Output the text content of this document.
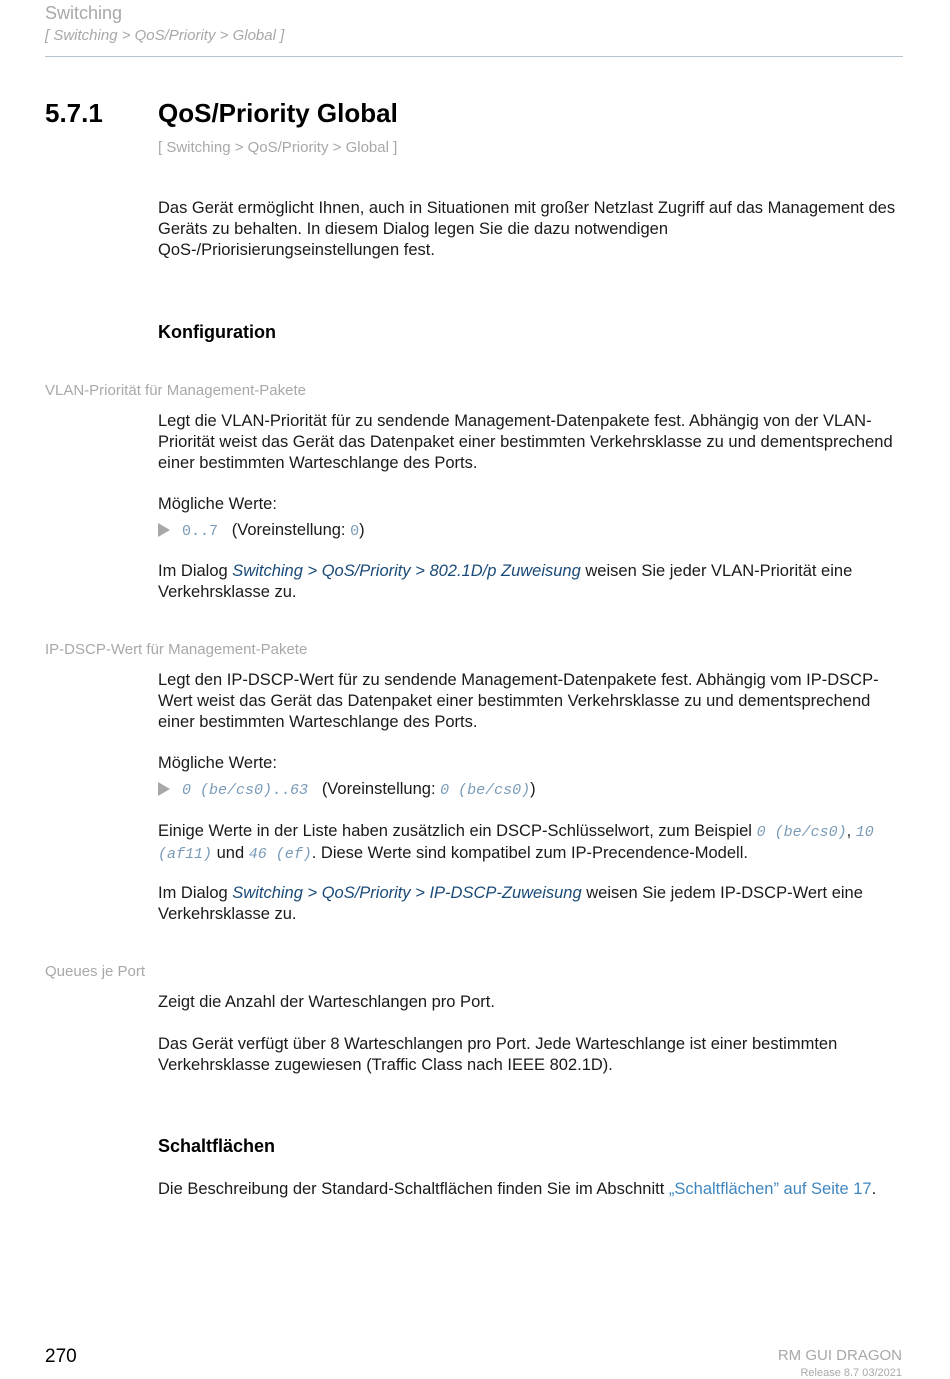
Switching
[ Switching > QoS/Priority > Global ]
5.7.1 QoS/Priority Global
[ Switching > QoS/Priority > Global ]

Das Gerät ermöglicht Ihnen, auch in Situationen mit großer Netzlast Zugriff auf das Management des Geräts zu behalten. In diesem Dialog legen Sie die dazu notwendigen QoS-/Priorisierungseinstellungen fest.

Konfiguration
VLAN-Priorität für Management-Pakete

Legt die VLAN-Priorität für zu sendende Management-Datenpakete fest. Abhängig von der VLAN-Priorität weist das Gerät das Datenpaket einer bestimmten Verkehrsklasse zu und dementsprechend einer bestimmten Warteschlange des Ports.

Mögliche Werte:

0..7 (Voreinstellung: 0)

Im Dialog Switching > QoS/Priority > 802.1D/p Zuweisung weisen Sie jeder VLAN-Priorität eine Verkehrsklasse zu.

IP-DSCP-Wert für Management-Pakete

Legt den IP-DSCP-Wert für zu sendende Management-Datenpakete fest. Abhängig vom IP-DSCP-Wert weist das Gerät das Datenpaket einer bestimmten Verkehrsklasse zu und dementsprechend einer bestimmten Warteschlange des Ports.

Mögliche Werte:

0 (be/cs0)..63 (Voreinstellung: 0 (be/cs0))

Einige Werte in der Liste haben zusätzlich ein DSCP-Schlüsselwort, zum Beispiel 0 (be/cs0), 10 (af11) und 46 (ef). Diese Werte sind kompatibel zum IP-Precendence-Modell.

Im Dialog Switching > QoS/Priority > IP-DSCP-Zuweisung weisen Sie jedem IP-DSCP-Wert eine Verkehrsklasse zu.

Queues je Port

Zeigt die Anzahl der Warteschlangen pro Port.

Das Gerät verfügt über 8 Warteschlangen pro Port. Jede Warteschlange ist einer bestimmten Verkehrsklasse zugewiesen (Traffic Class nach IEEE 802.1D).

Schaltflächen

Die Beschreibung der Standard-Schaltflächen finden Sie im Abschnitt „Schaltflächen” auf Seite 17.

270	RM GUI DRAGON
Release 8.7 03/2021
